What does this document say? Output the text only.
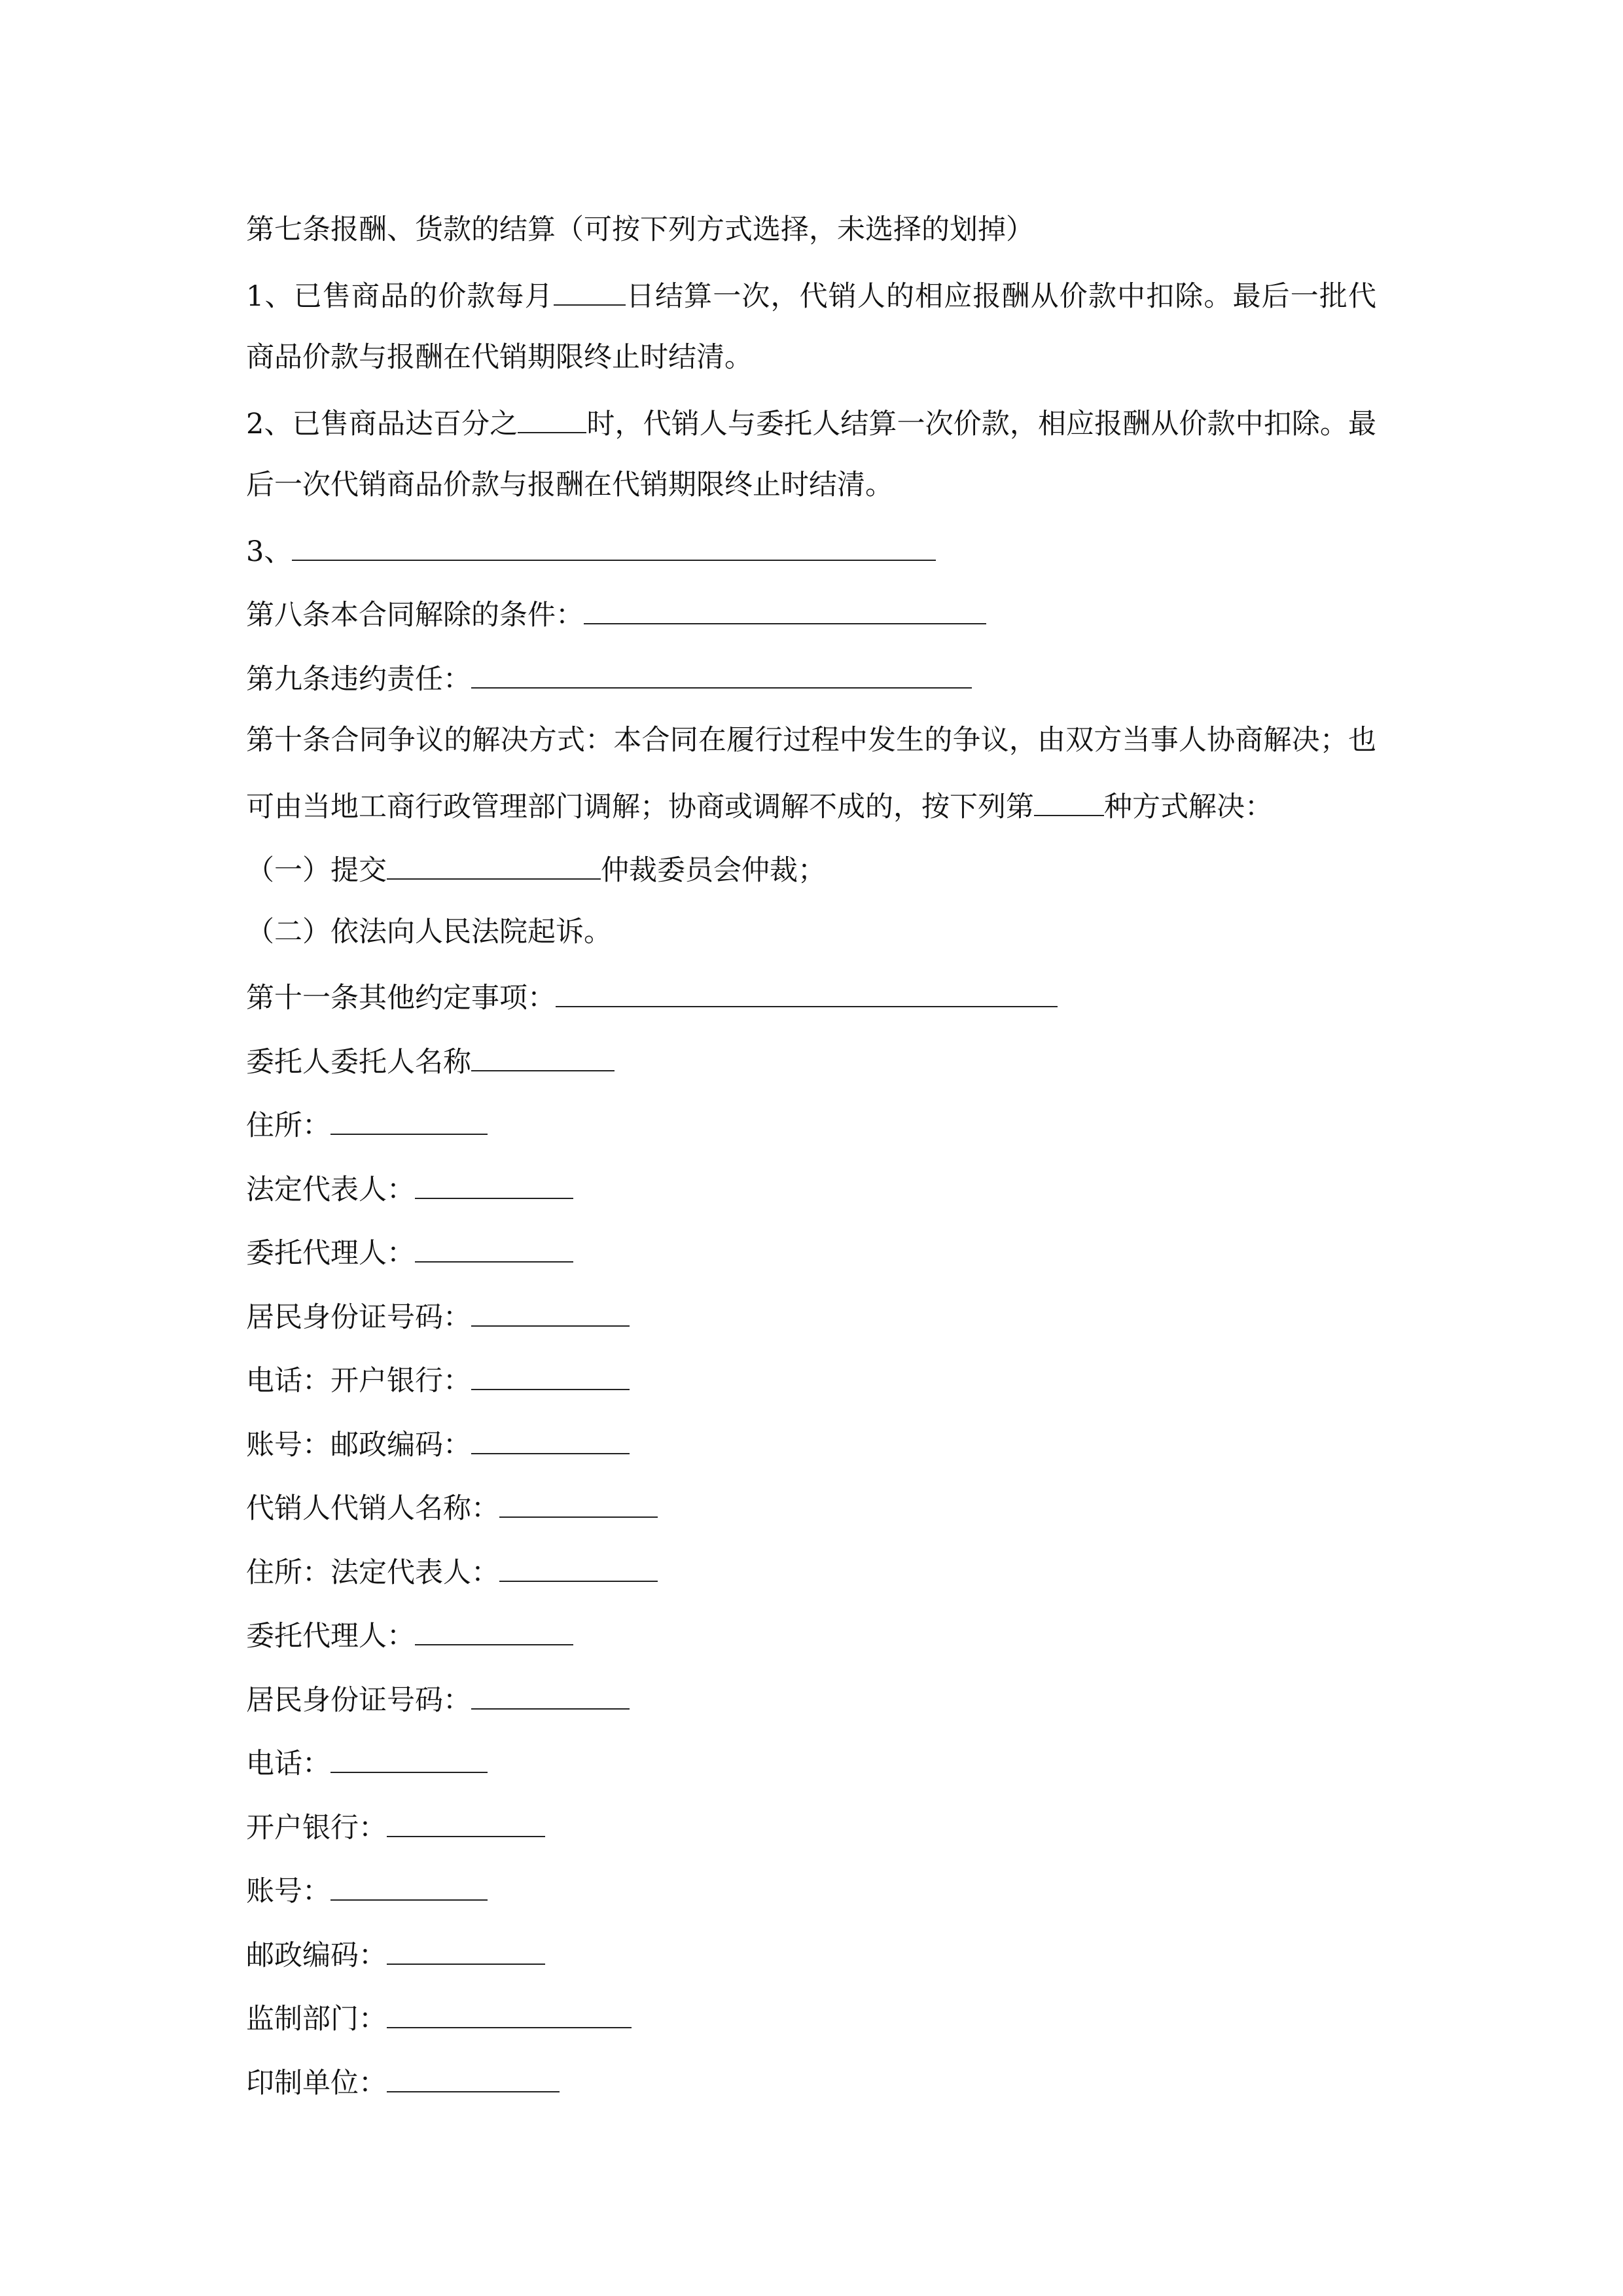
第七条报酬、货款的结算（可按下列方式选择，未选择的划掉）
1、已售商品的价款每月	日结算一次，代销人的相应报酬从价款中扣除。最后一批代
商品价款与报酬在代销期限终止时结清。
2、已售商品达百分之 时，代销人与委托人结算一次价款，相应报酬从价款中扣除。最
后一次代销商品价款与报酬在代销期限终止时结清。
3、
第八条本合同解除的条件：
第九条违约责任：
第十条合同争议的解决方式：本合同在履行过程中发生的争议，由双方当事人协商解决；也
可由当地工商行政管理部门调解；协商或调解不成的，按下列第 种方式解决：
（一）提交	仲裁委员会仲裁；
（二）依法向人民法院起诉。
第十一条其他约定事项：
委托人委托人名称
住所：
法定代表人：
委托代理人：
居民身份证号码：
电话：开户银行：
账号：邮政编码：
代销人代销人名称：
住所：法定代表人：
委托代理人：
居民身份证号码：
电话：
开户银行：
账号：
邮政编码：
监制部门：
印制单位：
